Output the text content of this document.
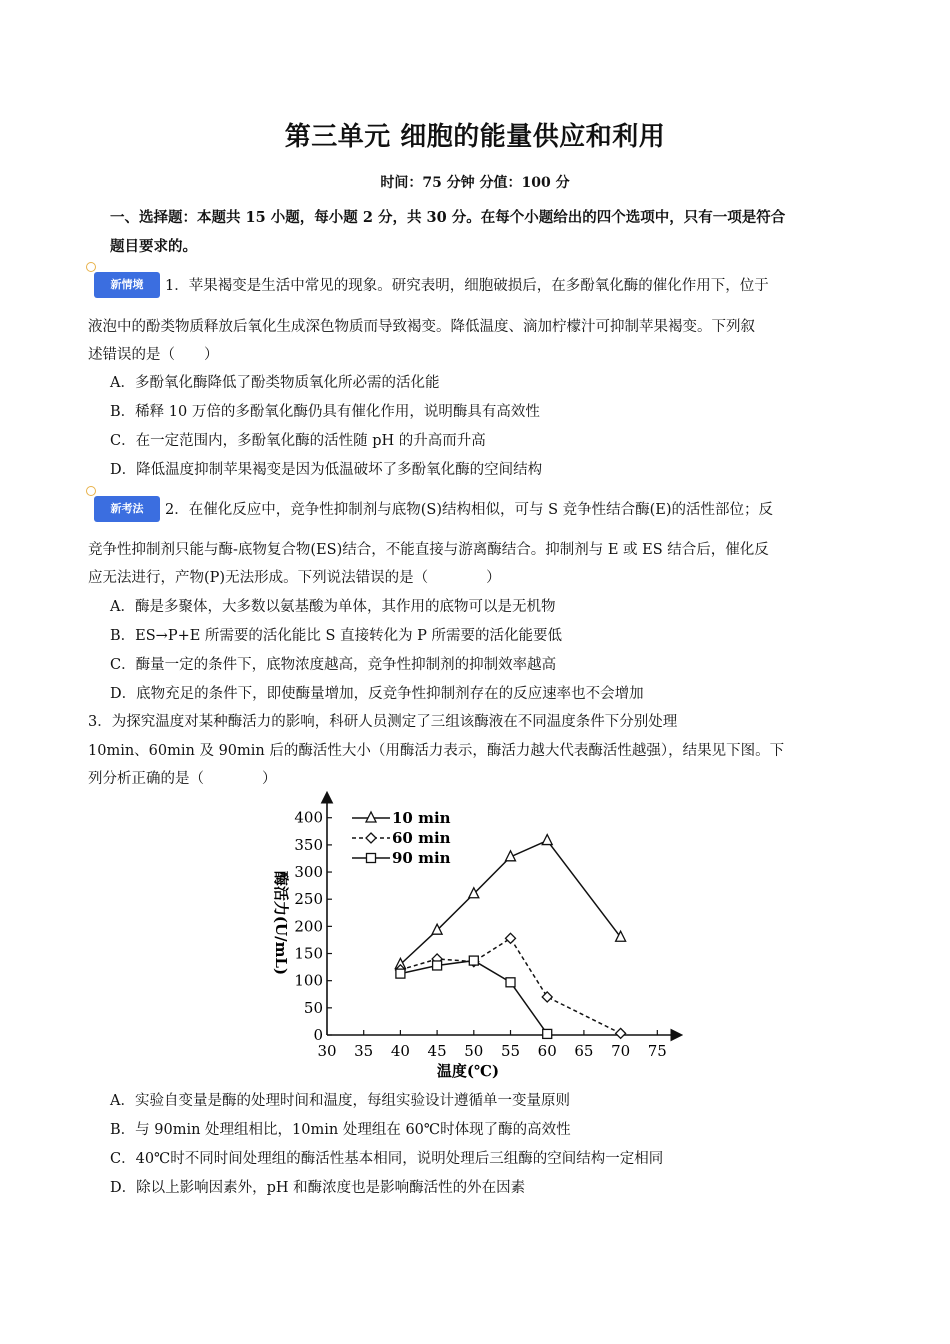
第三单元 细胞的能量供应和利用
时间：75 分钟 分值：100 分
一、选择题：本题共 15 小题，每小题 2 分，共 30 分。在每个小题给出的四个选项中，只有一项是符合
题目要求的。
新情境	1．苹果褐变是生活中常见的现象。研究表明，细胞破损后，在多酚氧化酶的催化作用下，位于
液泡中的酚类物质释放后氧化生成深色物质而导致褐变。降低温度、滴加柠檬汁可抑制苹果褐变。下列叙
述错误的是（　　）
A．多酚氧化酶降低了酚类物质氧化所必需的活化能
B．稀释 10 万倍的多酚氧化酶仍具有催化作用，说明酶具有高效性
C．在一定范围内，多酚氧化酶的活性随 pH 的升高而升高
D．降低温度抑制苹果褐变是因为低温破坏了多酚氧化酶的空间结构
新考法	2．在催化反应中，竞争性抑制剂与底物(S)结构相似，可与 S 竞争性结合酶(E)的活性部位；反
竞争性抑制剂只能与酶-底物复合物(ES)结合，不能直接与游离酶结合。抑制剂与 E 或 ES 结合后，催化反
应无法进行，产物(P)无法形成。下列说法错误的是（　　　　）
A．酶是多聚体，大多数以氨基酸为单体，其作用的底物可以是无机物
B．ES→P+E 所需要的活化能比 S 直接转化为 P 所需要的活化能要低
C．酶量一定的条件下，底物浓度越高，竞争性抑制剂的抑制效率越高
D．底物充足的条件下，即使酶量增加，反竞争性抑制剂存在的反应速率也不会增加
3．为探究温度对某种酶活力的影响，科研人员测定了三组该酶液在不同温度条件下分别处理
10min、60min 及 90min 后的酶活性大小（用酶活力表示，酶活力越大代表酶活性越强），结果见下图。下
列分析正确的是（　　　　）
30 35 40 45 50 55 60 65 70 75
0
50
100
150
200
250
300
350
400	10 min
60 min
90 min
温度(℃)
酶活力(U/mL)
A．实验自变量是酶的处理时间和温度，每组实验设计遵循单一变量原则
B．与 90min 处理组相比，10min 处理组在 60℃时体现了酶的高效性
C．40℃时不同时间处理组的酶活性基本相同，说明处理后三组酶的空间结构一定相同
D．除以上影响因素外，pH 和酶浓度也是影响酶活性的外在因素
